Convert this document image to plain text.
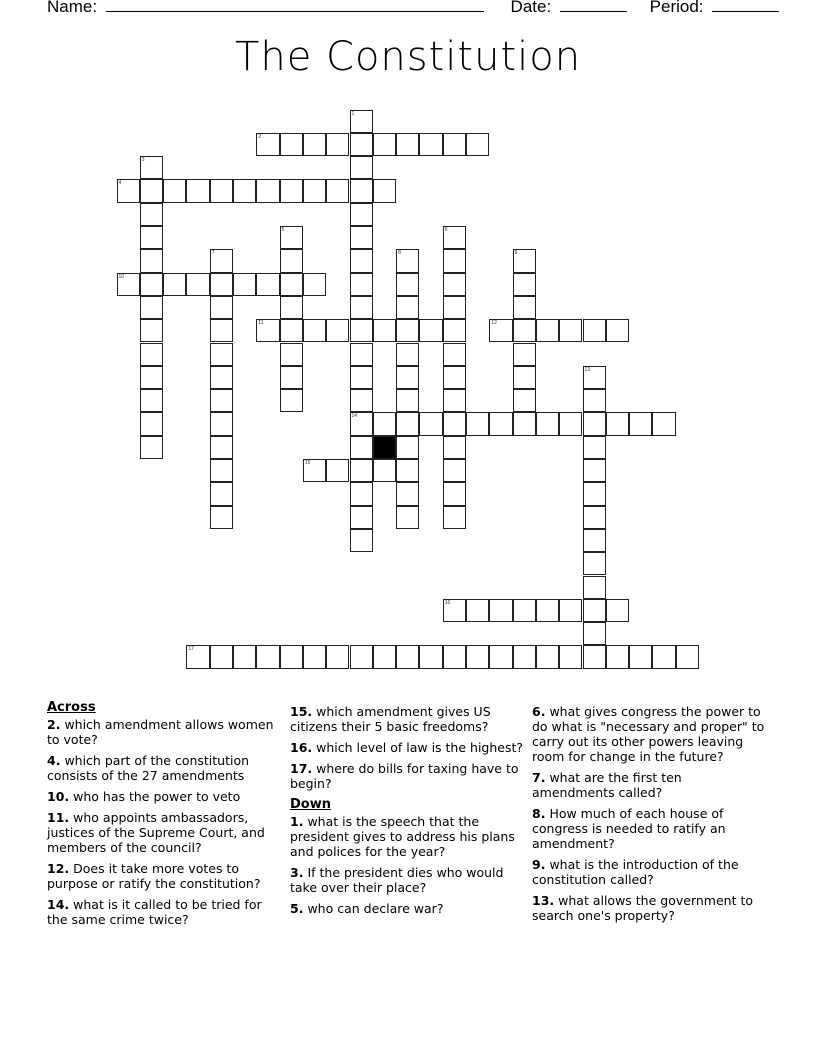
Name:	Date:	Period:
The Constitution
1
14
2
3
4
5	6
7	8	9
10
11	12
13
15
16
17
Across
2. which amendment allows women to vote?
4. which part of the constitution consists of the 27 amendments
10. who has the power to veto
11. who appoints ambassadors, justices of the Supreme Court, and members of the council?
12. Does it take more votes to purpose or ratify the constitution?
14. what is it called to be tried for the same crime twice?
15. which amendment gives US citizens their 5 basic freedoms?
16. which level of law is the highest?
17. where do bills for taxing have to begin?
Down
1. what is the speech that the president gives to address his plans and polices for the year?
3. If the president dies who would take over their place?
5. who can declare war?
6. what gives congress the power to do what is "necessary and proper" to carry out its other powers leaving room for change in the future?
7. what are the first ten amendments called?
8. How much of each house of congress is needed to ratify an amendment?
9. what is the introduction of the constitution called?
13. what allows the government to search one's property?
